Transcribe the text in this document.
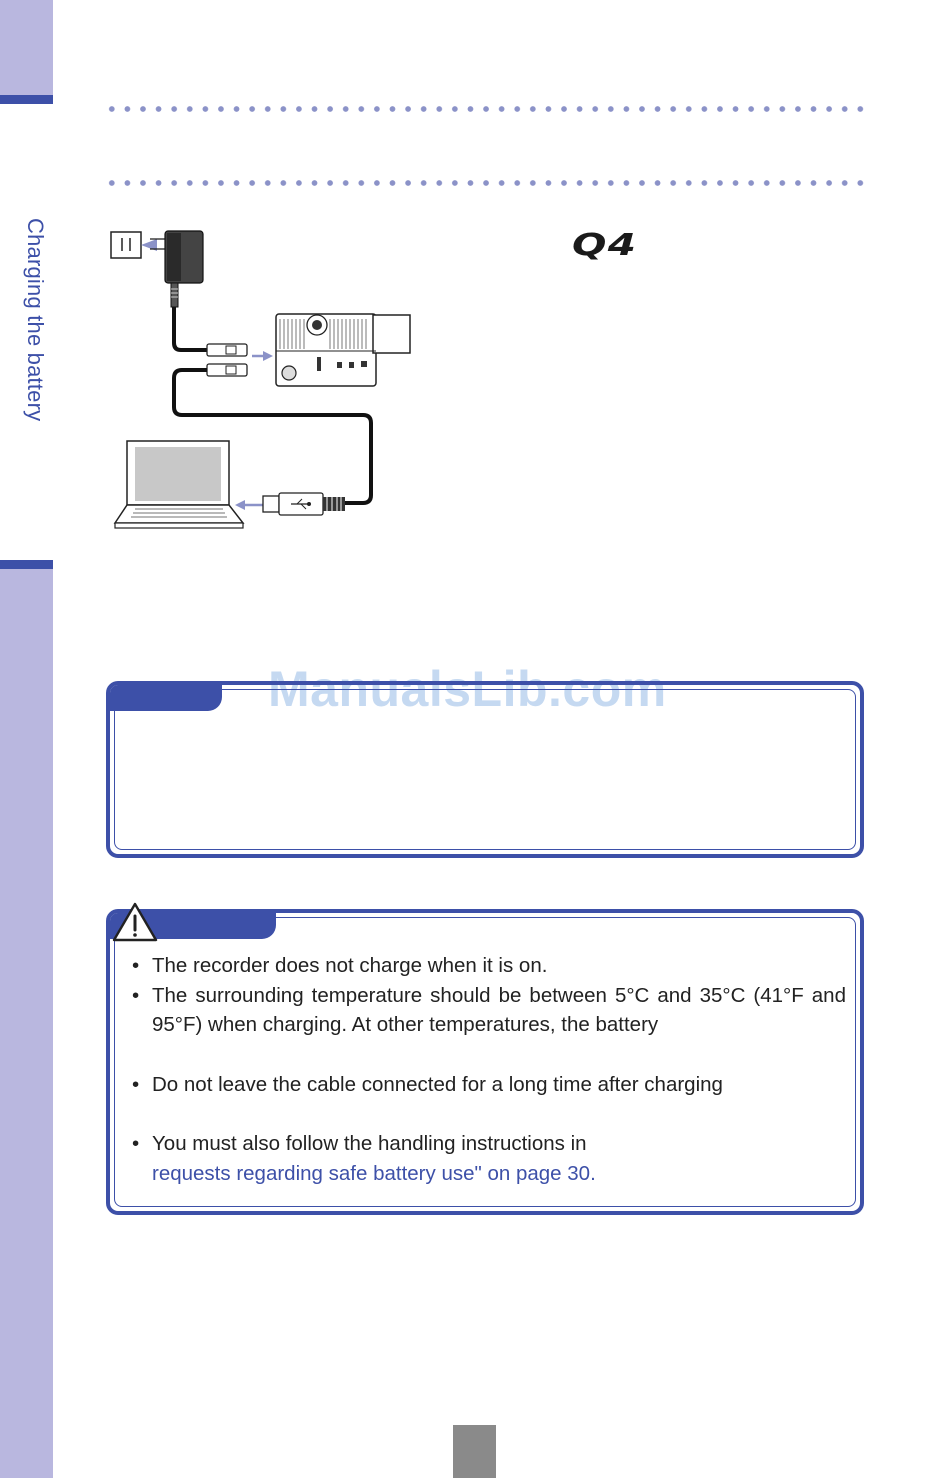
Charging the battery	Q4
ManualsLib.com
• The recorder does not charge when it is on.
• The surrounding temperature should be between 5°C and 35°C (41°F and 95°F) when charging. At other temperatures, the battery
• Do not leave the cable connected for a long time after charging
• You must also follow the handling instructions in
requests regarding safe battery use" on page 30.
